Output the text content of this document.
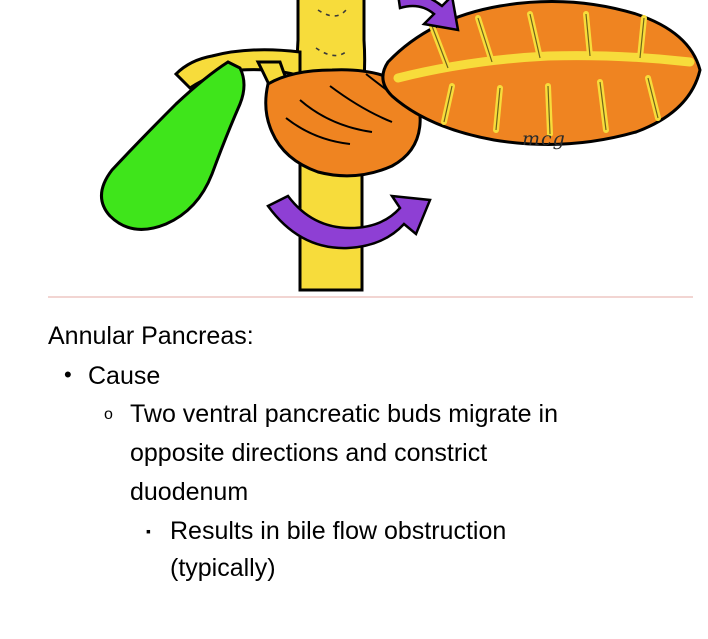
mcg
Annular Pancreas:
• Cause
o Two ventral pancreatic buds migrate in
opposite directions and constrict
duodenum
▪ Results in bile flow obstruction
(typically)
